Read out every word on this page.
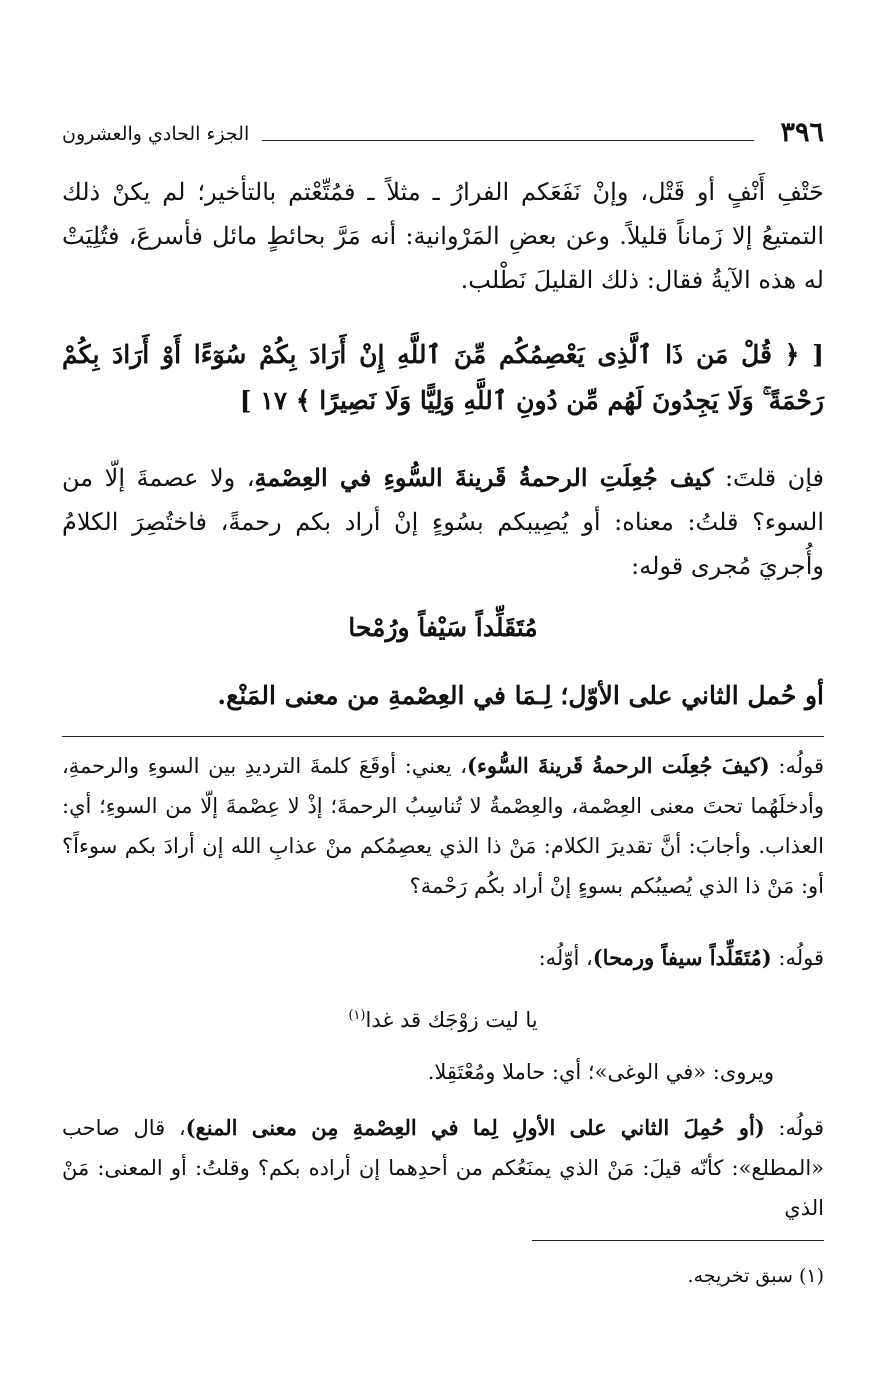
٣٩٦
الجزء الحادي والعشرون

حَتْفِ أَنْفٍ أو قَتْل، وإنْ نَفَعَكم الفرارُ ـ مثلاً ـ فمُتِّعْتم بالتأخير؛ لم يكنْ ذلك التمتيعُ إلا زَماناً قليلاً. وعن بعضِ المَرْوانية: أنه مَرَّ بحائطٍ مائل فأسرعَ، فتُلِيَتْ له هذه الآيةُ فقال: ذلك القليلَ نَطْلب.

[ ﴿ قُلْ مَن ذَا ٱلَّذِى يَعْصِمُكُم مِّنَ ٱللَّهِ إِنْ أَرَادَ بِكُمْ سُوٓءًا أَوْ أَرَادَ بِكُمْ رَحْمَةً ۚ وَلَا يَجِدُونَ لَهُم مِّن دُونِ ٱللَّهِ وَلِيًّا وَلَا نَصِيرًا ﴾ ١٧ ]

فإن قلتَ: كيف جُعِلَتِ الرحمةُ قَرينةَ السُّوءِ في العِصْمةِ، ولا عصمةَ إلّا من السوء؟ قلتُ: معناه: أو يُصِيبكم بسُوءٍ إنْ أراد بكم رحمةً، فاختُصِرَ الكلامُ وأُجريَ مُجرى قوله:

مُتَقَلِّداً سَيْفاً ورُمْحا

أو حُمل الثاني على الأوّل؛ لِـمَا في العِصْمةِ من معنى المَنْع.

قولُه: (كيفَ جُعِلَت الرحمةُ قَرينةَ السُّوء)، يعني: أوقَعَ كلمةَ الترديدِ بين السوءِ والرحمةِ، وأدخلَهُما تحتَ معنى العِصْمة، والعِصْمةُ لا تُناسِبُ الرحمةَ؛ إذْ لا عِصْمةَ إلّا من السوءِ؛ أي: العذاب. وأجابَ: أنَّ تقديرَ الكلام: مَنْ ذا الذي يعصِمُكم منْ عذابِ الله إن أرادَ بكم سوءاً؟ أو: مَنْ ذا الذي يُصيبُكم بسوءٍ إنْ أراد بكُم رَحْمة؟

قولُه: (مُتَقَلِّداً سيفاً ورمحا)، أوّلُه:

يا ليت زوْجَك قد غدا$^{(١)}$

ويروى: «في الوغى»؛ أي: حاملا ومُعْتَقِلا.

قولُه: (أو حُمِلَ الثاني على الأولِ لِما في العِصْمةِ مِن معنى المنع)، قال صاحب «المطلع»: كأنّه قيلَ: مَنْ الذي يمنَعُكم من أحدِهما إن أراده بكم؟ وقلتُ: أو المعنى: مَنْ الذي

(١) سبق تخريجه.
